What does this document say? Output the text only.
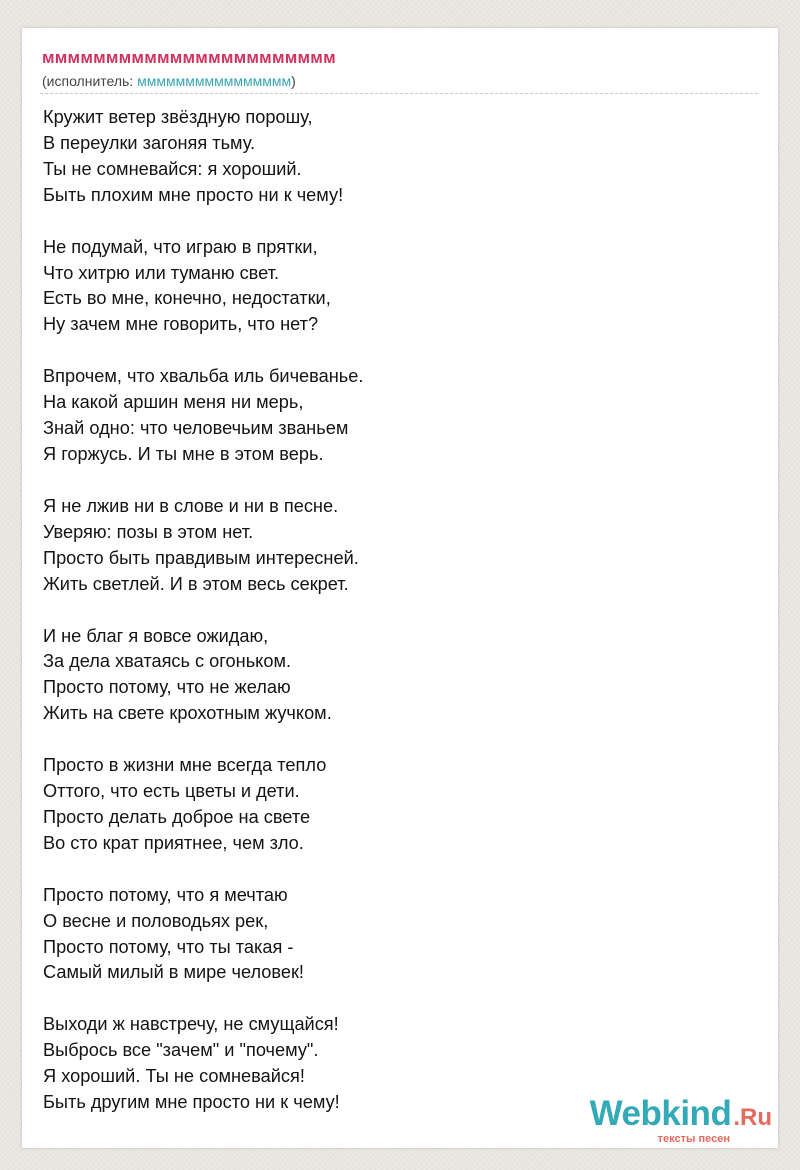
ммммммммммммммммммммммм
(исполнитель: мммммммммммммммм)
Кружит ветер звёздную порошу,
В переулки загоняя тьму.
Ты не сомневайся: я хороший.
Быть плохим мне просто ни к чему!
Не подумай, что играю в прятки,
Что хитрю или туманю свет.
Есть во мне, конечно, недостатки,
Ну зачем мне говорить, что нет?
Впрочем, что хвальба иль бичеванье.
На какой аршин меня ни мерь,
Знай одно: что человечьим званьем
Я горжусь. И ты мне в этом верь.
Я не лжив ни в слове и ни в песне.
Уверяю: позы в этом нет.
Просто быть правдивым интересней.
Жить светлей. И в этом весь секрет.
И не благ я вовсе ожидаю,
За дела хватаясь с огоньком.
Просто потому, что не желаю
Жить на свете крохотным жучком.
Просто в жизни мне всегда тепло
Оттого, что есть цветы и дети.
Просто делать доброе на свете
Во сто крат приятнее, чем зло.
Просто потому, что я мечтаю
О весне и половодьях рек,
Просто потому, что ты такая -
Самый милый в мире человек!
Выходи ж навстречу, не смущайся!
Выбрось все "зачем" и "почему".
Я хороший. Ты не сомневайся!
Быть другим мне просто ни к чему!	Webkind.Ru
тексты песен
